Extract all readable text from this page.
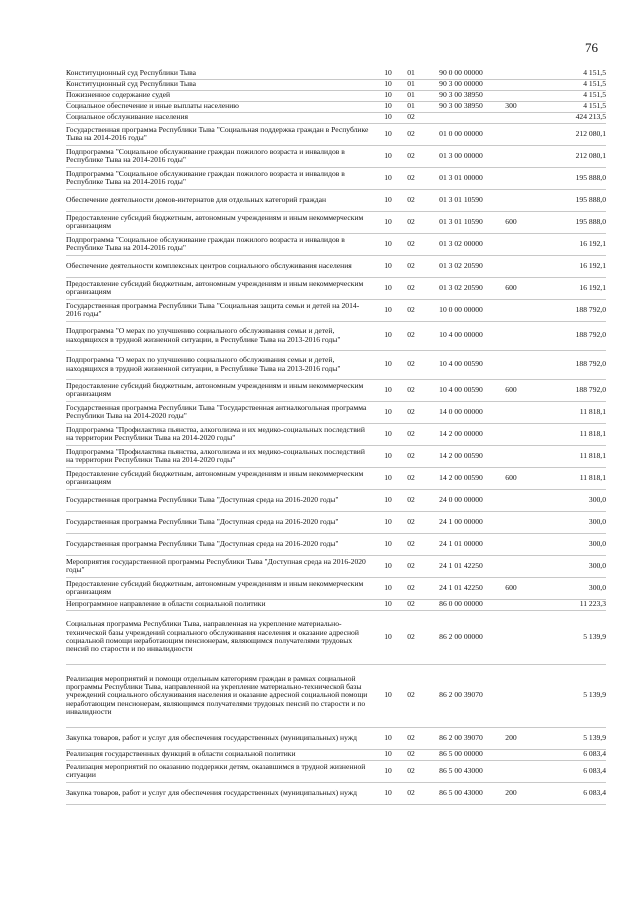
76
Конституционный суд Республики Тыва	10	01	90 0 00 00000		4 151,5
Конституционный суд Республики Тыва	10	01	90 3 00 00000		4 151,5
Пожизненное содержание судей	10	01	90 3 00 38950		4 151,5
Социальное обеспечение и иные выплаты населению	10	01	90 3 00 38950	300	4 151,5
Социальное обслуживание населения	10	02			424 213,5
Государственная программа Республики Тыва "Социальная поддержка граждан в Республике Тыва на 2014-2016 годы"	10	02	01 0 00 00000		212 080,1
Подпрограмма "Социальное обслуживание граждан пожилого возраста и инвалидов в Республике Тыва на 2014-2016 годы"	10	02	01 3 00 00000		212 080,1
Подпрограмма "Социальное обслуживание граждан пожилого возраста и инвалидов в Республике Тыва на 2014-2016 годы"	10	02	01 3 01 00000		195 888,0
Обеспечение деятельности домов-интернатов для отдельных категорий граждан	10	02	01 3 01 10590		195 888,0
Предоставление субсидий бюджетным, автономным учреждениям и иным некоммерческим организациям	10	02	01 3 01 10590	600	195 888,0
Подпрограмма "Социальное обслуживание граждан пожилого возраста и инвалидов в Республике Тыва на 2014-2016 годы"	10	02	01 3 02 00000		16 192,1
Обеспечение деятельности комплексных центров социального обслуживания населения	10	02	01 3 02 20590		16 192,1
Предоставление субсидий бюджетным, автономным учреждениям и иным некоммерческим организациям	10	02	01 3 02 20590	600	16 192,1
Государственная программа Республики Тыва "Социальная защита семьи и детей на 2014-2016 годы"	10	02	10 0 00 00000		188 792,0
Подпрограмма "О мерах по улучшению социального обслуживания семьи и детей, находящихся в трудной жизненной ситуации, в Республике Тыва на 2013-2016 годы"	10	02	10 4 00 00000		188 792,0
Подпрограмма "О мерах по улучшению социального обслуживания семьи и детей, находящихся в трудной жизненной ситуации, в Республике Тыва на 2013-2016 годы"	10	02	10 4 00 00590		188 792,0
Предоставление субсидий бюджетным, автономным учреждениям и иным некоммерческим организациям	10	02	10 4 00 00590	600	188 792,0
Государственная программа Республики Тыва "Государственная антиалкогольная программа Республики Тыва на 2014-2020 годы"	10	02	14 0 00 00000		11 818,1
Подпрограмма "Профилактика пьянства, алкоголизма и их медико-социальных последствий на территории Республики Тыва на 2014-2020 годы"	10	02	14 2 00 00000		11 818,1
Подпрограмма "Профилактика пьянства, алкоголизма и их медико-социальных последствий на территории Республики Тыва на 2014-2020 годы"	10	02	14 2 00 00590		11 818,1
Предоставление субсидий бюджетным, автономным учреждениям и иным некоммерческим организациям	10	02	14 2 00 00590	600	11 818,1
Государственная программа Республики Тыва "Доступная среда на 2016-2020 годы"	10	02	24 0 00 00000		300,0
Государственная программа Республики Тыва "Доступная среда на 2016-2020 годы"	10	02	24 1 00 00000		300,0
Государственная программа Республики Тыва "Доступная среда на 2016-2020 годы"	10	02	24 1 01 00000		300,0
Мероприятия государственной программы Республики Тыва "Доступная среда на 2016-2020 годы"	10	02	24 1 01 42250		300,0
Предоставление субсидий бюджетным, автономным учреждениям и иным некоммерческим организациям	10	02	24 1 01 42250	600	300,0
Непрограммное направление в области социальной политики	10	02	86 0 00 00000		11 223,3
Социальная программа Республики Тыва, направленная на укрепление материально-технической базы учреждений социального обслуживания населения и оказание адресной социальной помощи неработающим пенсионерам, являющимся получателями трудовых пенсий по старости и по инвалидности	10	02	86 2 00 00000		5 139,9
Реализация мероприятий и помощи отдельным категориям граждан в рамках социальной программы Республики Тыва, направленной на укрепление материально-технической базы учреждений социального обслуживания населения и оказание адресной социальной помощи неработающим пенсионерам, являющимся получателями трудовых пенсий по старости и по инвалидности	10	02	86 2 00 39070		5 139,9
Закупка товаров, работ и услуг для обеспечения государственных (муниципальных) нужд	10	02	86 2 00 39070	200	5 139,9
Реализация государственных функций в области социальной политики	10	02	86 5 00 00000		6 083,4
Реализация мероприятий по оказанию поддержки детям, оказавшимся в трудной жизненной ситуации	10	02	86 5 00 43000		6 083,4
Закупка товаров, работ и услуг для обеспечения государственных (муниципальных) нужд	10	02	86 5 00 43000	200	6 083,4
